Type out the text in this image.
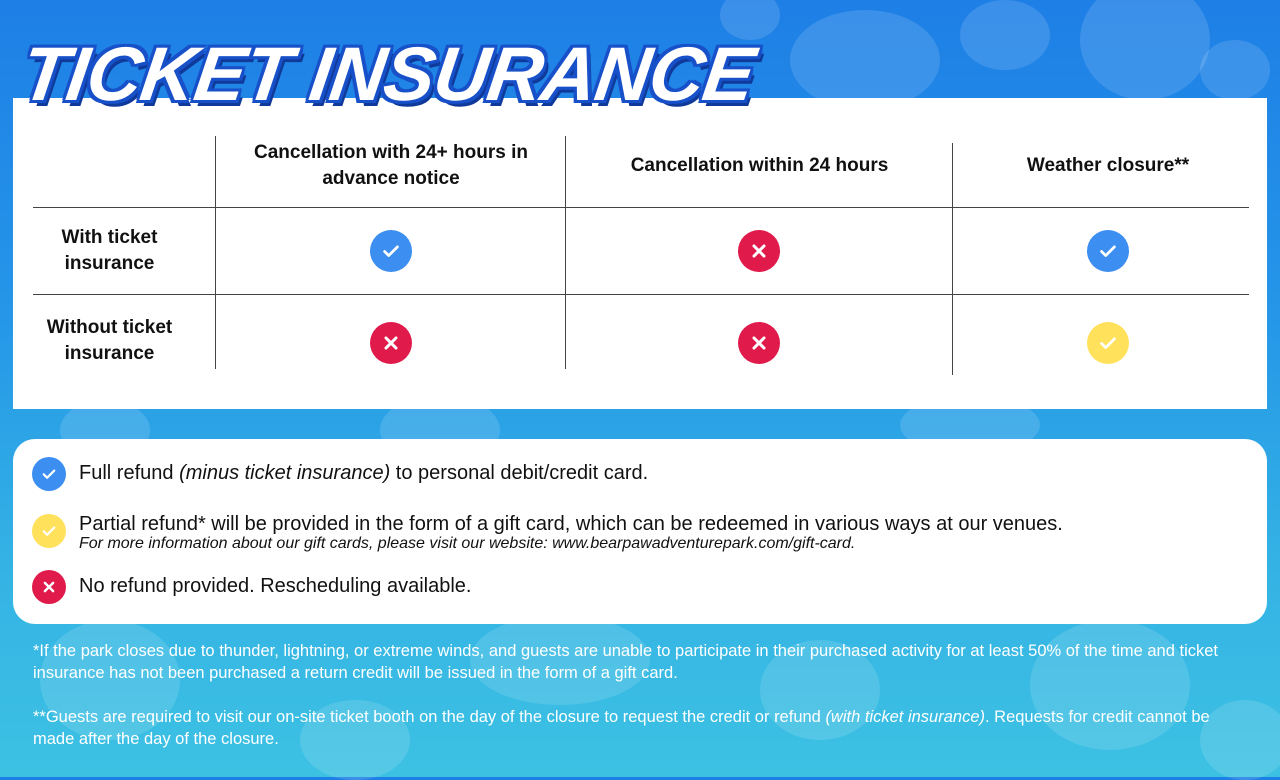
TICKET INSURANCE
Cancellation with 24+ hours in advance notice
Cancellation within 24 hours	Weather closure**
With ticket insurance
Without ticket insurance
Full refund (minus ticket insurance) to personal debit/credit card.
Partial refund* will be provided in the form of a gift card, which can be redeemed in various ways at our venues.
For more information about our gift cards, please visit our website: www.bearpawadventurepark.com/gift-card.
No refund provided. Rescheduling available.
*If the park closes due to thunder, lightning, or extreme winds, and guests are unable to participate in their purchased activity for at least 50% of the time and ticket insurance has not been purchased a return credit will be issued in the form of a gift card.
**Guests are required to visit our on-site ticket booth on the day of the closure to request the credit or refund (with ticket insurance). Requests for credit cannot be made after the day of the closure.
